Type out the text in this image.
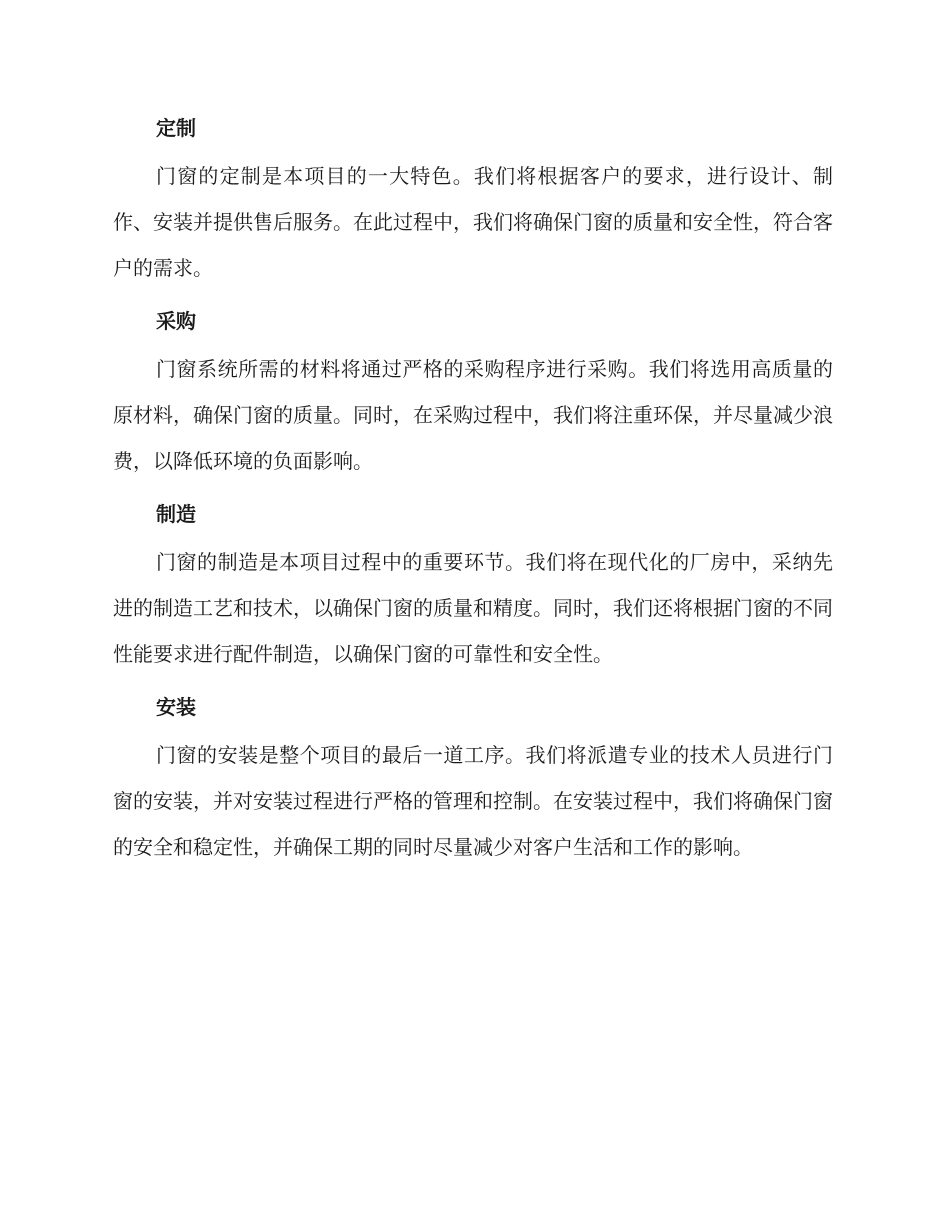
定制

门窗的定制是本项目的一大特色。我们将根据客户的要求，进行设计、制作、安装并提供售后服务。在此过程中，我们将确保门窗的质量和安全性，符合客户的需求。

采购

门窗系统所需的材料将通过严格的采购程序进行采购。我们将选用高质量的原材料，确保门窗的质量。同时，在采购过程中，我们将注重环保，并尽量减少浪费，以降低环境的负面影响。

制造

门窗的制造是本项目过程中的重要环节。我们将在现代化的厂房中，采纳先进的制造工艺和技术，以确保门窗的质量和精度。同时，我们还将根据门窗的不同性能要求进行配件制造，以确保门窗的可靠性和安全性。

安装

门窗的安装是整个项目的最后一道工序。我们将派遣专业的技术人员进行门窗的安装，并对安装过程进行严格的管理和控制。在安装过程中，我们将确保门窗的安全和稳定性，并确保工期的同时尽量减少对客户生活和工作的影响。
